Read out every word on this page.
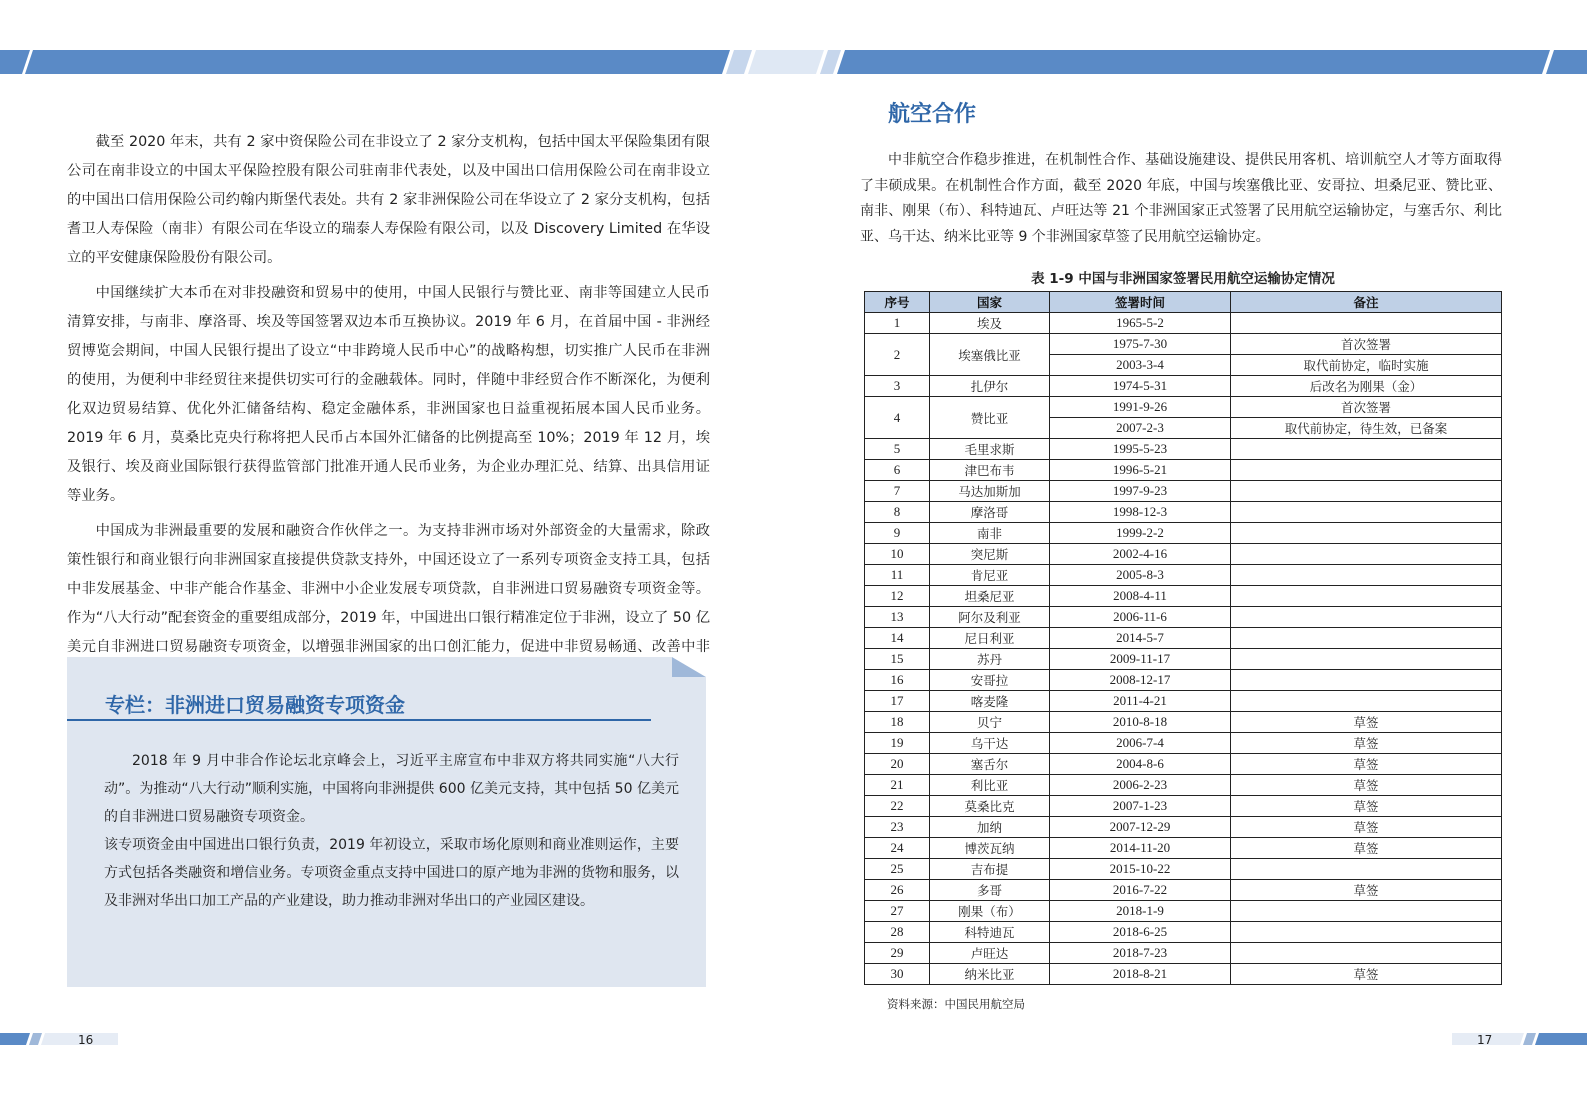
截至 2020 年末，共有 2 家中资保险公司在非设立了 2 家分支机构，包括中国太平保险集团有限公司在南非设立的中国太平保险控股有限公司驻南非代表处，以及中国出口信用保险公司在南非设立的中国出口信用保险公司约翰内斯堡代表处。共有 2 家非洲保险公司在华设立了 2 家分支机构，包括耆卫人寿保险（南非）有限公司在华设立的瑞泰人寿保险有限公司，以及 Discovery Limited 在华设立的平安健康保险股份有限公司。

中国继续扩大本币在对非投融资和贸易中的使用，中国人民银行与赞比亚、南非等国建立人民币清算安排，与南非、摩洛哥、埃及等国签署双边本币互换协议。2019 年 6 月，在首届中国 - 非洲经贸博览会期间，中国人民银行提出了设立“中非跨境人民币中心”的战略构想，切实推广人民币在非洲的使用，为便利中非经贸往来提供切实可行的金融载体。同时，伴随中非经贸合作不断深化，为便利化双边贸易结算、优化外汇储备结构、稳定金融体系，非洲国家也日益重视拓展本国人民币业务。2019 年 6 月，莫桑比克央行称将把人民币占本国外汇储备的比例提高至 10%；2019 年 12 月，埃及银行、埃及商业国际银行获得监管部门批准开通人民币业务，为企业办理汇兑、结算、出具信用证等业务。

中国成为非洲最重要的发展和融资合作伙伴之一。为支持非洲市场对外部资金的大量需求，除政策性银行和商业银行向非洲国家直接提供贷款支持外，中国还设立了一系列专项资金支持工具，包括中非发展基金、中非产能合作基金、非洲中小企业发展专项贷款，自非洲进口贸易融资专项资金等。作为“八大行动”配套资金的重要组成部分，2019 年，中国进出口银行精准定位于非洲，设立了 50 亿美元自非洲进口贸易融资专项资金，以增强非洲国家的出口创汇能力，促进中非贸易畅通、改善中非

专栏：非洲进口贸易融资专项资金

2018 年 9 月中非合作论坛北京峰会上，习近平主席宣布中非双方将共同实施“八大行动”。为推动“八大行动”顺利实施，中国将向非洲提供 600 亿美元支持，其中包括 50 亿美元的自非洲进口贸易融资专项资金。

该专项资金由中国进出口银行负责，2019 年初设立，采取市场化原则和商业准则运作，主要方式包括各类融资和增信业务。专项资金重点支持中国进口的原产地为非洲的货物和服务，以及非洲对华出口加工产品的产业建设，助力推动非洲对华出口的产业园区建设。

航空合作

中非航空合作稳步推进，在机制性合作、基础设施建设、提供民用客机、培训航空人才等方面取得了丰硕成果。在机制性合作方面，截至 2020 年底，中国与埃塞俄比亚、安哥拉、坦桑尼亚、赞比亚、南非、刚果（布）、科特迪瓦、卢旺达等 21 个非洲国家正式签署了民用航空运输协定，与塞舌尔、利比亚、乌干达、纳米比亚等 9 个非洲国家草签了民用航空运输协定。

表 1-9 中国与非洲国家签署民用航空运输协定情况

序号	国家	签署时间	备注
1	埃及	1965-5-2	
2	埃塞俄比亚	1975-7-30	首次签署
		2003-3-4	取代前协定，临时实施
3	扎伊尔	1974-5-31	后改名为刚果（金）
4	赞比亚	1991-9-26	首次签署
		2007-2-3	取代前协定，待生效，已备案
5	毛里求斯	1995-5-23	
6	津巴布韦	1996-5-21	
7	马达加斯加	1997-9-23	
8	摩洛哥	1998-12-3	
9	南非	1999-2-2	
10	突尼斯	2002-4-16	
11	肯尼亚	2005-8-3	
12	坦桑尼亚	2008-4-11	
13	阿尔及利亚	2006-11-6	
14	尼日利亚	2014-5-7	
15	苏丹	2009-11-17	
16	安哥拉	2008-12-17	
17	喀麦隆	2011-4-21	
18	贝宁	2010-8-18	草签
19	乌干达	2006-7-4	草签
20	塞舌尔	2004-8-6	草签
21	利比亚	2006-2-23	草签
22	莫桑比克	2007-1-23	草签
23	加纳	2007-12-29	草签
24	博茨瓦纳	2014-11-20	草签
25	吉布提	2015-10-22	
26	多哥	2016-7-22	草签
27	刚果（布）	2018-1-9	
28	科特迪瓦	2018-6-25	
29	卢旺达	2018-7-23	
30	纳米比亚	2018-8-21	草签

资料来源：中国民用航空局

16	17
